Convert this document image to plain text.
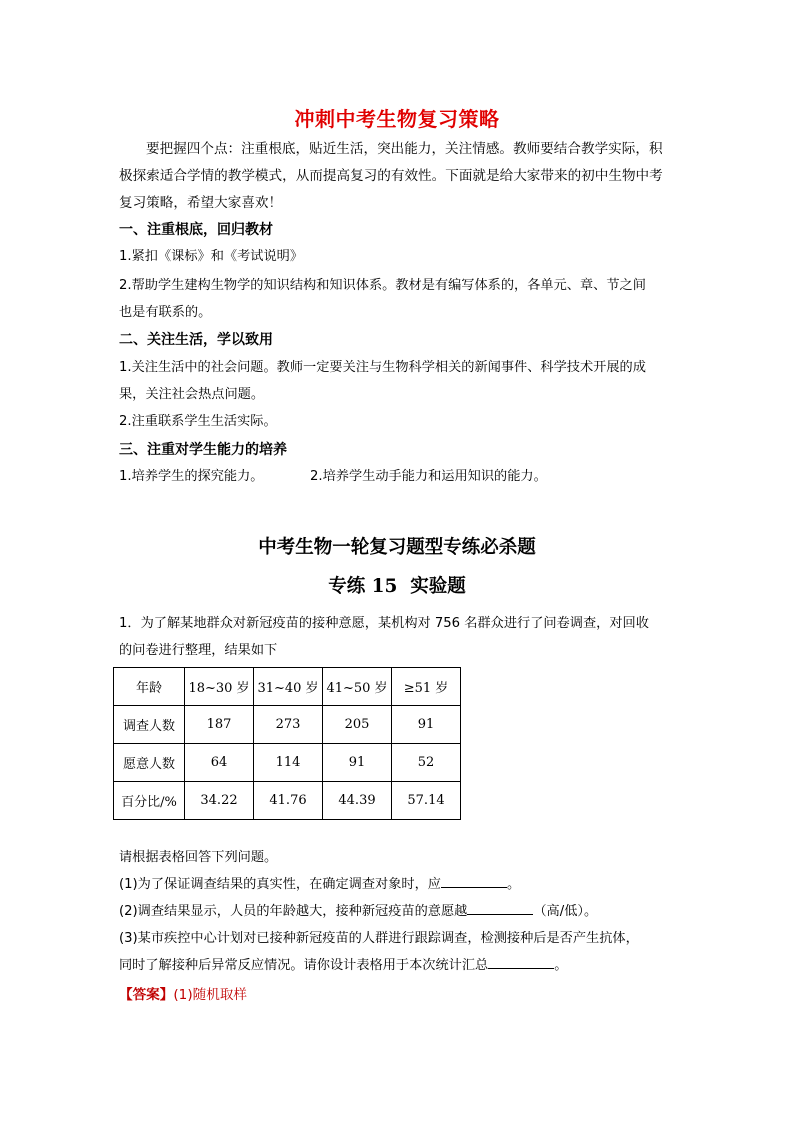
冲刺中考生物复习策略
要把握四个点：注重根底，贴近生活，突出能力，关注情感。教师要结合教学实际，积
极探索适合学情的教学模式，从而提高复习的有效性。下面就是给大家带来的初中生物中考
复习策略，希望大家喜欢！
一、注重根底，回归教材
1.紧扣《课标》和《考试说明》
2.帮助学生建构生物学的知识结构和知识体系。教材是有编写体系的，各单元、章、节之间
也是有联系的。
二、关注生活，学以致用
1.关注生活中的社会问题。教师一定要关注与生物科学相关的新闻事件、科学技术开展的成
果，关注社会热点问题。
2.注重联系学生生活实际。
三、注重对学生能力的培养
1.培养学生的探究能力。	2.培养学生动手能力和运用知识的能力。
中考生物一轮复习题型专练必杀题
专练 15  实验题
1．为了解某地群众对新冠疫苗的接种意愿，某机构对 756 名群众进行了问卷调查，对回收
的问卷进行整理，结果如下
年龄	18~30 岁	31~40 岁	41~50 岁	≥51 岁
调查人数	187	273	205	91
愿意人数	64	114	91	52
百分比/%	34.22	41.76	44.39	57.14
请根据表格回答下列问题。
(1)为了保证调查结果的真实性，在确定调查对象时，应	。
(2)调查结果显示，人员的年龄越大，接种新冠疫苗的意愿越	（高/低）。
(3)某市疾控中心计划对已接种新冠疫苗的人群进行跟踪调查，检测接种后是否产生抗体，
同时了解接种后异常反应情况。请你设计表格用于本次统计汇总	。
【答案】(1)随机取样
